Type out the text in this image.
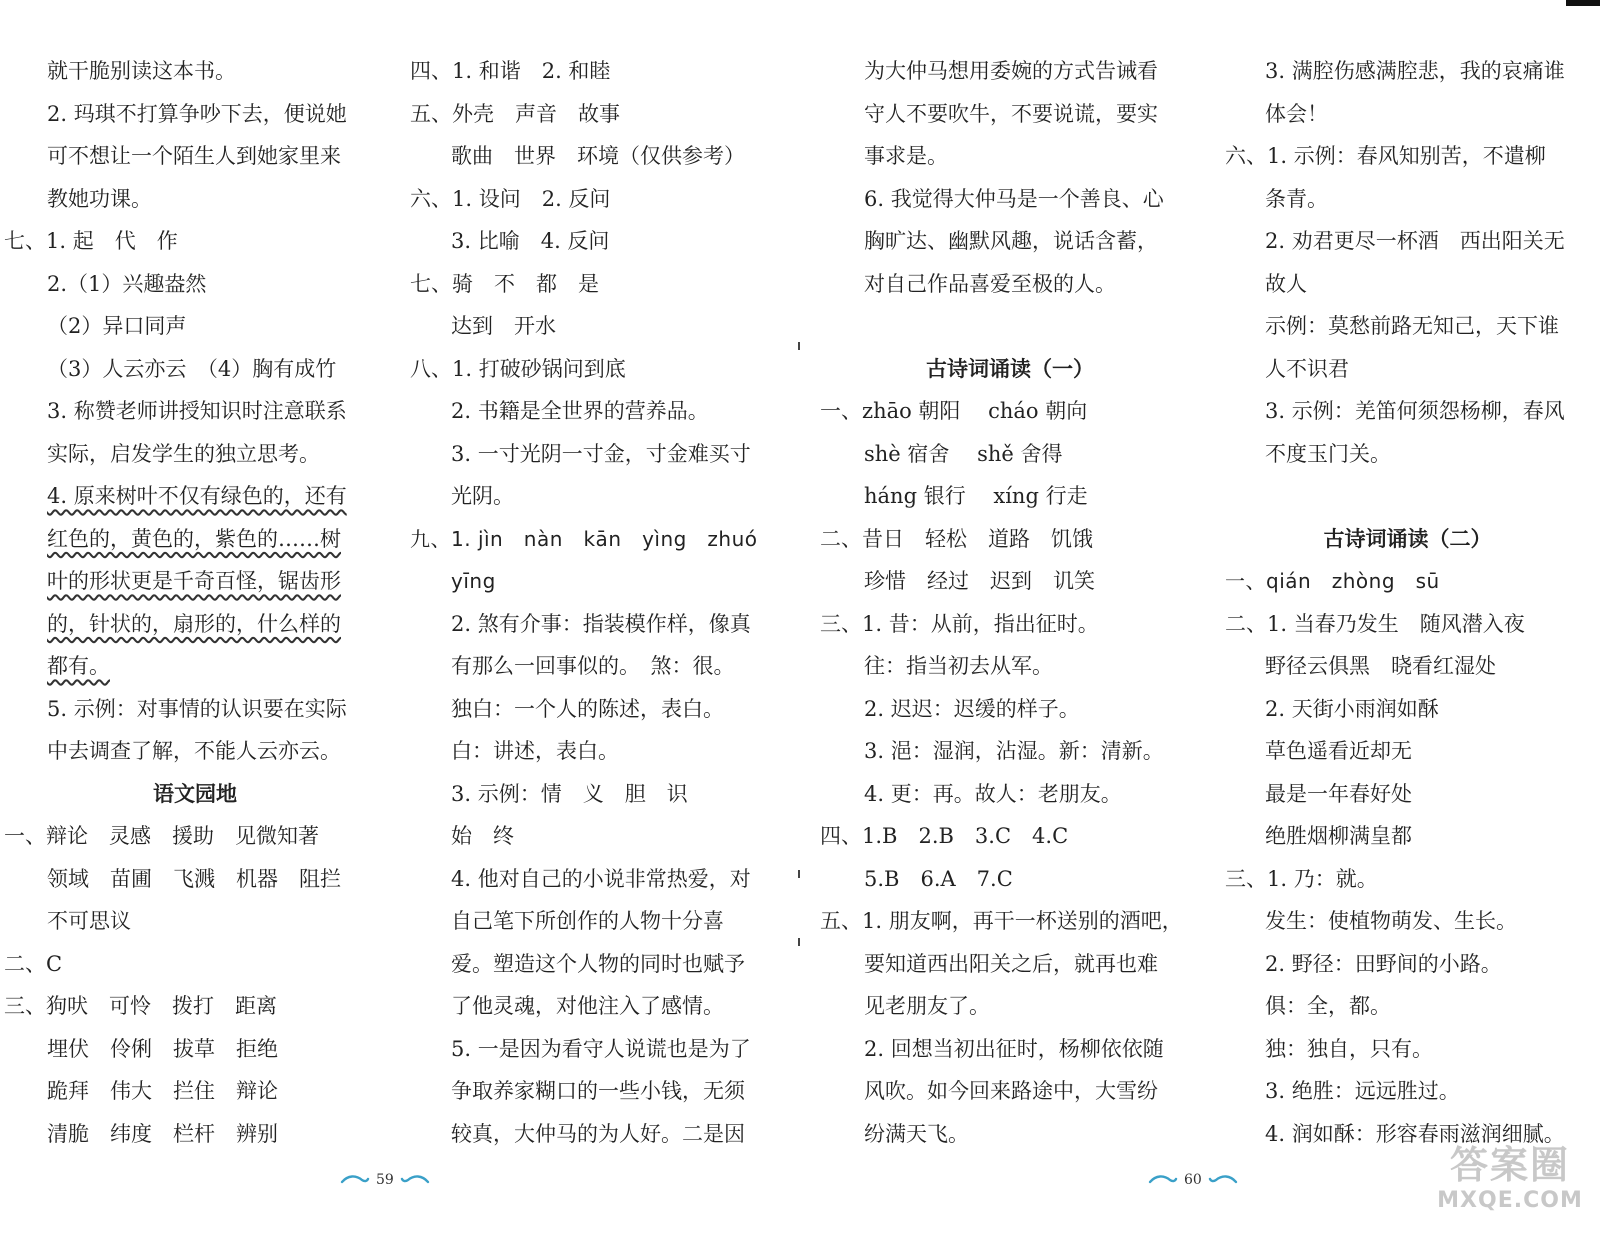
就干脆别读这本书。
2. 玛琪不打算争吵下去，便说她
可不想让一个陌生人到她家里来
教她功课。
七、1. 起　代　作
2.（1）兴趣盎然
（2）异口同声
（3）人云亦云　（4）胸有成竹
3. 称赞老师讲授知识时注意联系
实际，启发学生的独立思考。
4. 原来树叶不仅有绿色的，还有
红色的，黄色的，紫色的……树
叶的形状更是千奇百怪，锯齿形
的，针状的，扇形的，什么样的
都有。
5. 示例：对事情的认识要在实际
中去调查了解，不能人云亦云。
语文园地
一、辩论　灵感　援助　见微知著
领域　苗圃　飞溅　机器　阻拦
不可思议
二、C
三、狗吠　可怜　拨打　距离
埋伏　伶俐　拔草　拒绝
跪拜　伟大　拦住　辩论
清脆　纬度　栏杆　辨别
四、1. 和谐　2. 和睦
五、外壳　声音　故事
歌曲　世界　环境（仅供参考）
六、1. 设问　2. 反问
3. 比喻　4. 反问
七、骑　不　都　是
达到　开水
八、1. 打破砂锅问到底
2. 书籍是全世界的营养品。
3. 一寸光阴一寸金，寸金难买寸
光阴。
九、1. jìn   nàn   kān   yìng   zhuó
yīng
2. 煞有介事：指装模作样，像真
有那么一回事似的。　煞：很。
独白：一个人的陈述，表白。
白：讲述，表白。
3. 示例：情　义　胆　识
始　终
4. 他对自己的小说非常热爱，对
自己笔下所创作的人物十分喜
爱。塑造这个人物的同时也赋予
了他灵魂，对他注入了感情。
5. 一是因为看守人说谎也是为了
争取养家糊口的一些小钱，无须
较真，大仲马的为人好。二是因
为大仲马想用委婉的方式告诫看
守人不要吹牛，不要说谎，要实
事求是。
6. 我觉得大仲马是一个善良、心
胸旷达、幽默风趣，说话含蓄，
对自己作品喜爱至极的人。
古诗词诵读（一）
一、zhāo 朝阳　 cháo 朝向
shè 宿舍　 shě 舍得
háng 银行　 xíng 行走
二、昔日　轻松　道路　饥饿
珍惜　经过　迟到　讥笑
三、1. 昔：从前，指出征时。
往：指当初去从军。
2. 迟迟：迟缓的样子。
3. 浥：湿润，沾湿。新：清新。
4. 更：再。故人：老朋友。
四、1.B　2.B　3.C　4.C
5.B　6.A　7.C
五、1. 朋友啊，再干一杯送别的酒吧，
要知道西出阳关之后，就再也难
见老朋友了。
2. 回想当初出征时，杨柳依依随
风吹。如今回来路途中，大雪纷
纷满天飞。
3. 满腔伤感满腔悲，我的哀痛谁
体会！
六、1. 示例：春风知别苦，不遣柳
条青。
2. 劝君更尽一杯酒　西出阳关无
故人
示例：莫愁前路无知己，天下谁
人不识君
3. 示例：羌笛何须怨杨柳，春风
不度玉门关。
古诗词诵读（二）
一、qián   zhòng   sū
二、1. 当春乃发生　随风潜入夜
野径云俱黑　晓看红湿处
2. 天街小雨润如酥
草色遥看近却无
最是一年春好处
绝胜烟柳满皇都
三、1. 乃：就。
发生：使植物萌发、生长。
2. 野径：田野间的小路。
俱：全，都。
独：独自，只有。
3. 绝胜：远远胜过。
4. 润如酥：形容春雨滋润细腻。
59	60	答案圈
MXQE.COM
